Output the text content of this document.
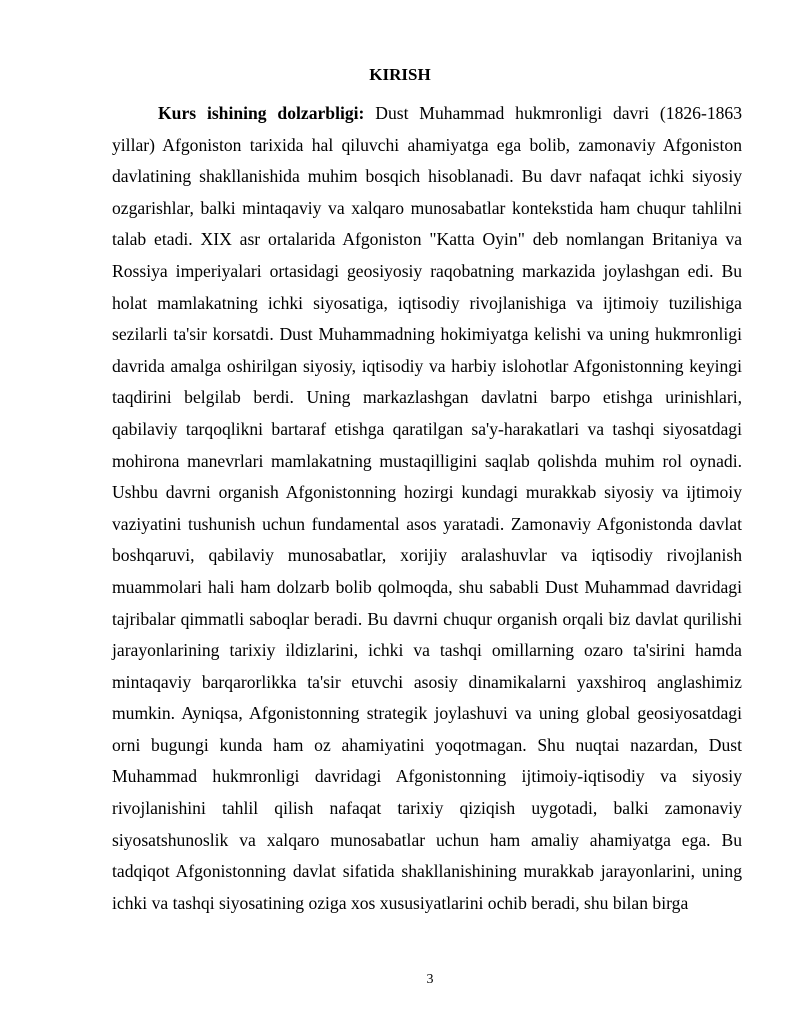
KIRISH

Kurs ishining dolzarbligi: Dust Muhammad hukmronligi davri (1826-1863 yillar) Afgoniston tarixida hal qiluvchi ahamiyatga ega bolib, zamonaviy Afgoniston davlatining shakllanishida muhim bosqich hisoblanadi. Bu davr nafaqat ichki siyosiy ozgarishlar, balki mintaqaviy va xalqaro munosabatlar kontekstida ham chuqur tahlilni talab etadi. XIX asr ortalarida Afgoniston "Katta Oyin" deb nomlangan Britaniya va Rossiya imperiyalari ortasidagi geosiyosiy raqobatning markazida joylashgan edi. Bu holat mamlakatning ichki siyosatiga, iqtisodiy rivojlanishiga va ijtimoiy tuzilishiga sezilarli ta'sir korsatdi. Dust Muhammadning hokimiyatga kelishi va uning hukmronligi davrida amalga oshirilgan siyosiy, iqtisodiy va harbiy islohotlar Afgonistonning keyingi taqdirini belgilab berdi. Uning markazlashgan davlatni barpo etishga urinishlari, qabilaviy tarqoqlikni bartaraf etishga qaratilgan sa'y-harakatlari va tashqi siyosatdagi mohirona manevrlari mamlakatning mustaqilligini saqlab qolishda muhim rol oynadi. Ushbu davrni organish Afgonistonning hozirgi kundagi murakkab siyosiy va ijtimoiy vaziyatini tushunish uchun fundamental asos yaratadi. Zamonaviy Afgonistonda davlat boshqaruvi, qabilaviy munosabatlar, xorijiy aralashuvlar va iqtisodiy rivojlanish muammolari hali ham dolzarb bolib qolmoqda, shu sababli Dust Muhammad davridagi tajribalar qimmatli saboqlar beradi. Bu davrni chuqur organish orqali biz davlat qurilishi jarayonlarining tarixiy ildizlarini, ichki va tashqi omillarning ozaro ta'sirini hamda mintaqaviy barqarorlikka ta'sir etuvchi asosiy dinamikalarni yaxshiroq anglashimiz mumkin. Ayniqsa, Afgonistonning strategik joylashuvi va uning global geosiyosatdagi orni bugungi kunda ham oz ahamiyatini yoqotmagan. Shu nuqtai nazardan, Dust Muhammad hukmronligi davridagi Afgonistonning ijtimoiy-iqtisodiy va siyosiy rivojlanishini tahlil qilish nafaqat tarixiy qiziqish uygotadi, balki zamonaviy siyosatshunoslik va xalqaro munosabatlar uchun ham amaliy ahamiyatga ega. Bu tadqiqot Afgonistonning davlat sifatida shakllanishining murakkab jarayonlarini, uning ichki va tashqi siyosatining oziga xos xususiyatlarini ochib beradi, shu bilan birga

3
